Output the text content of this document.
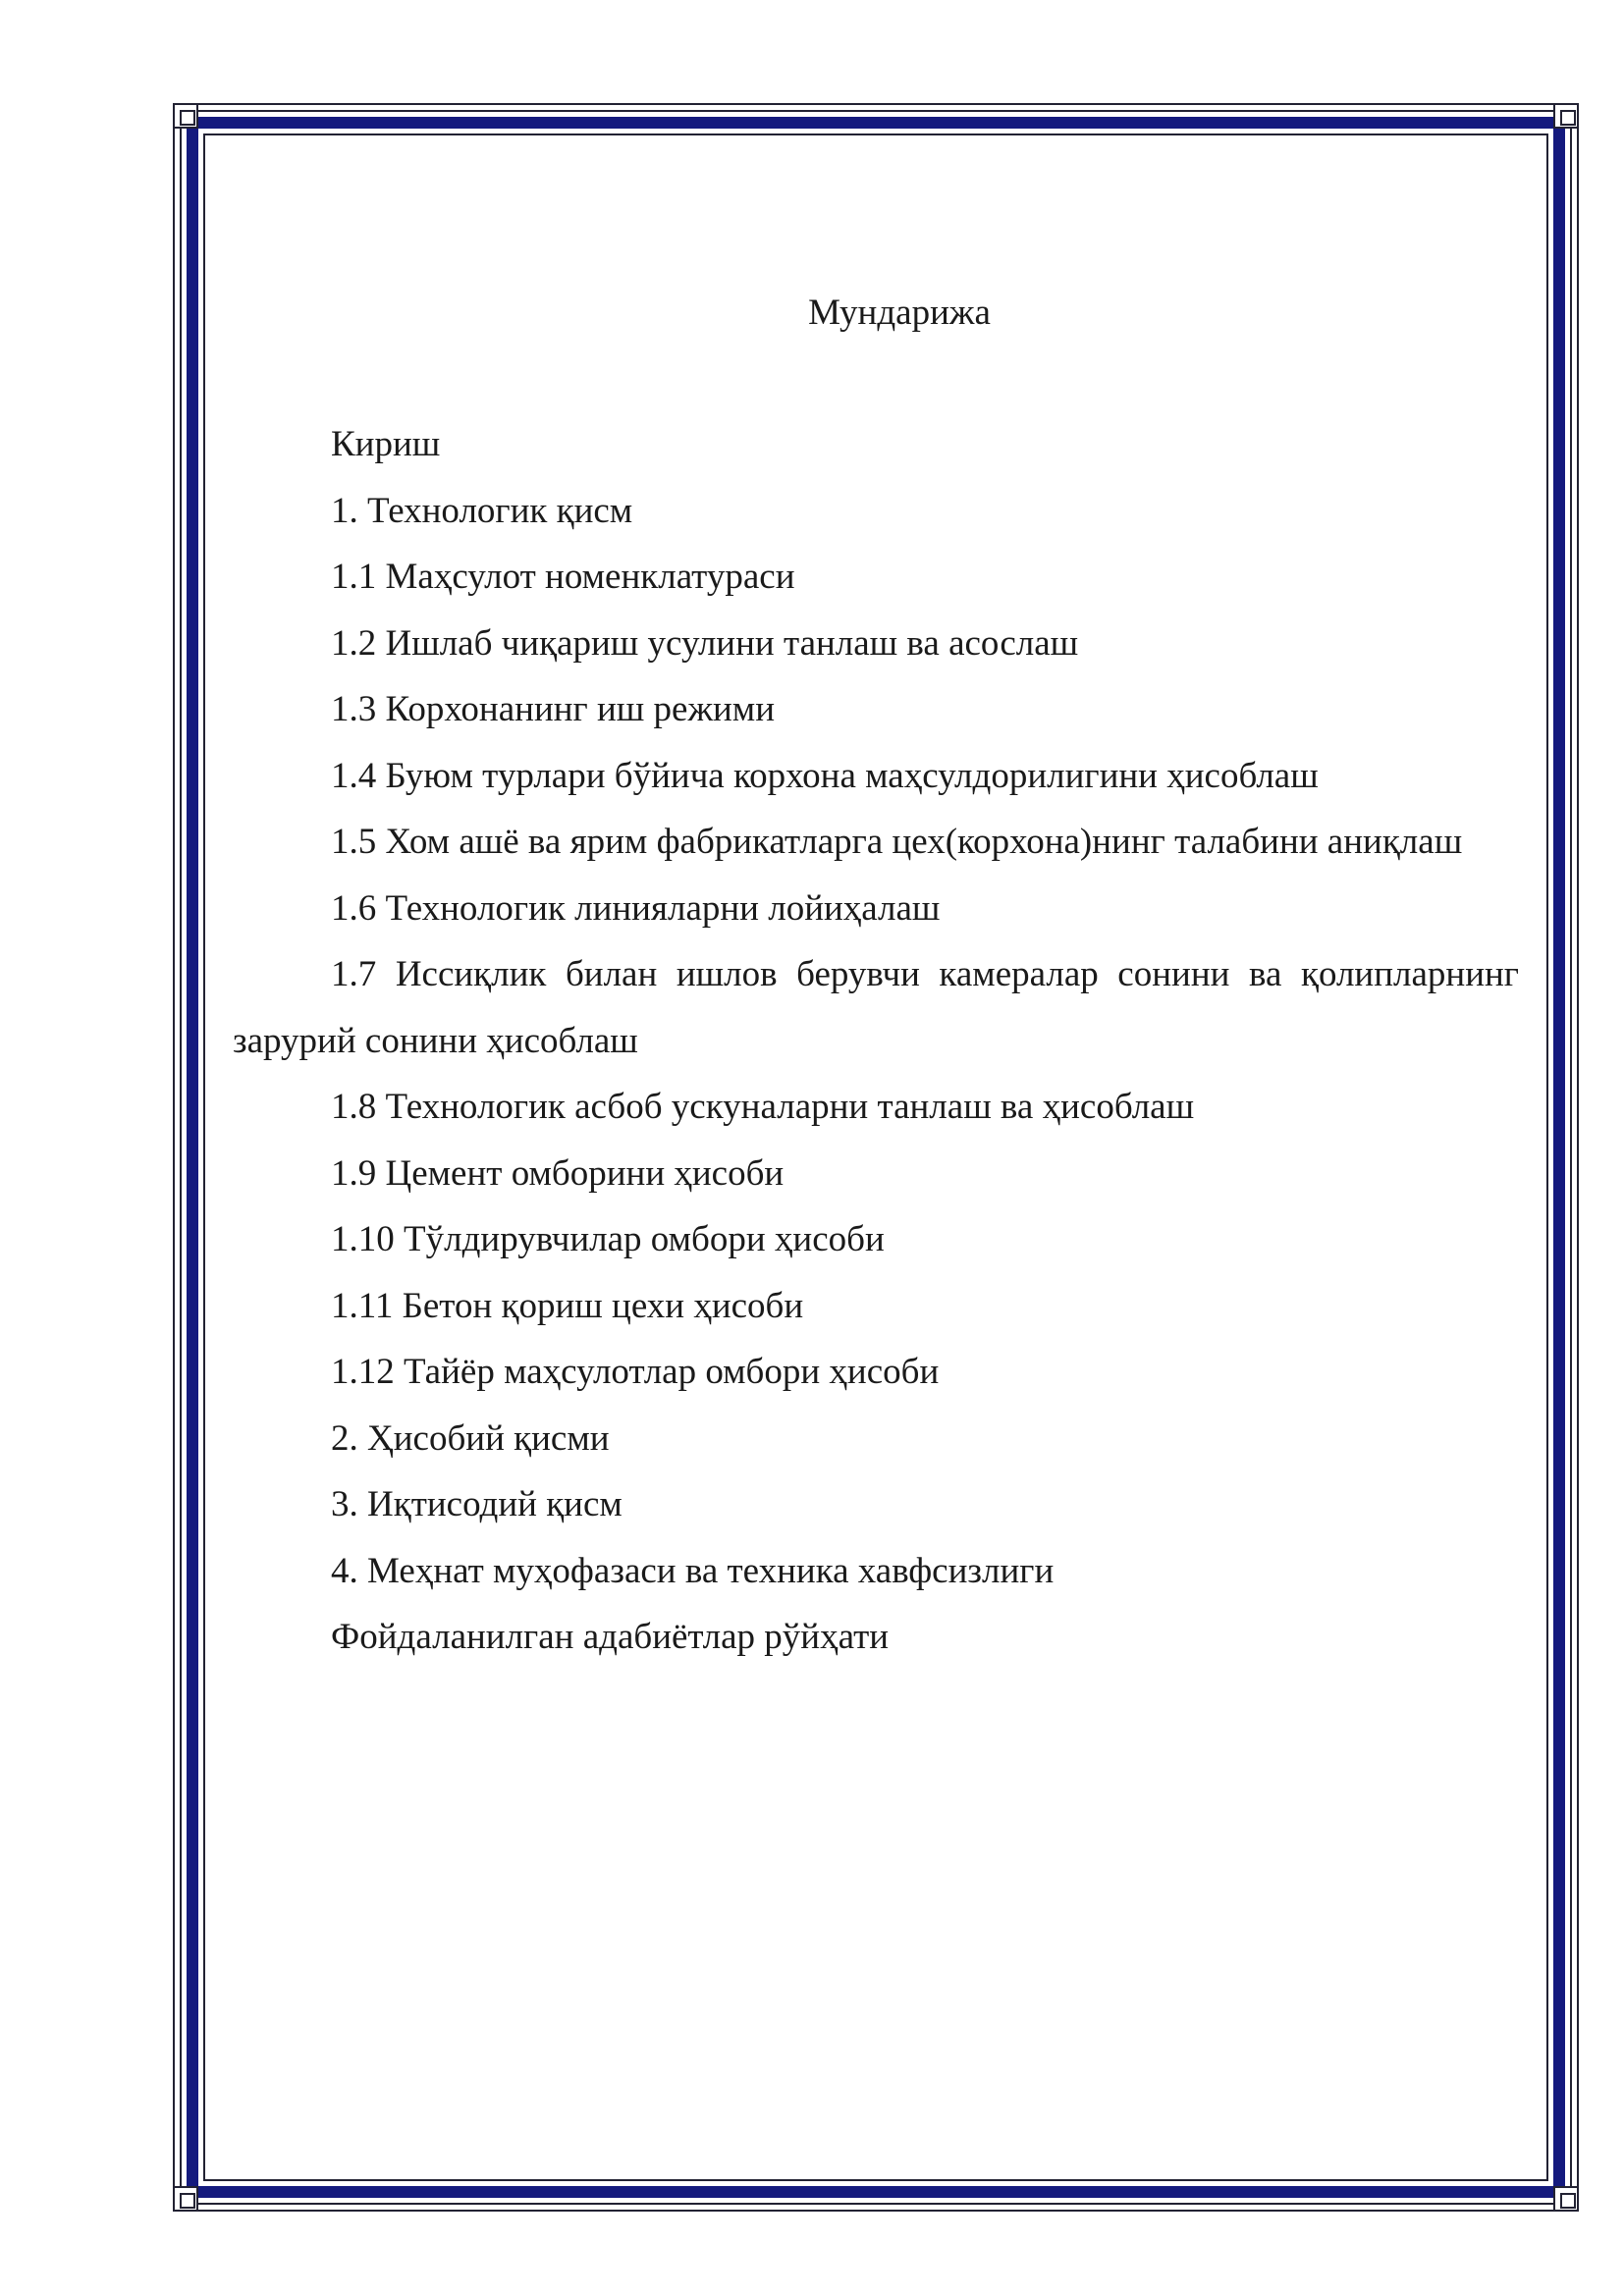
Мундарижа
Кириш
1. Технологик қисм
1.1 Маҳсулот номенклатураси
1.2 Ишлаб чиқариш усулини танлаш ва асослаш
1.3 Корхонанинг иш режими
1.4 Буюм турлари бўйича корхона маҳсулдорилигини ҳисоблаш
1.5 Хом ашё ва ярим фабрикатларга цех(корхона)нинг талабини аниқлаш
1.6 Технологик линияларни лойиҳалаш
1.7 Иссиқлик билан ишлов берувчи камералар сонини ва қолипларнинг зарурий сонини ҳисоблаш
1.8 Технологик асбоб ускуналарни танлаш ва ҳисоблаш
1.9 Цемент омборини ҳисоби
1.10 Тўлдирувчилар омбори ҳисоби
1.11 Бетон қориш цехи ҳисоби
1.12 Тайёр маҳсулотлар омбори ҳисоби
2. Ҳисобий қисми
3. Иқтисодий қисм
4. Меҳнат муҳофазаси ва техника хавфсизлиги
Фойдаланилган адабиётлар рўйҳати
